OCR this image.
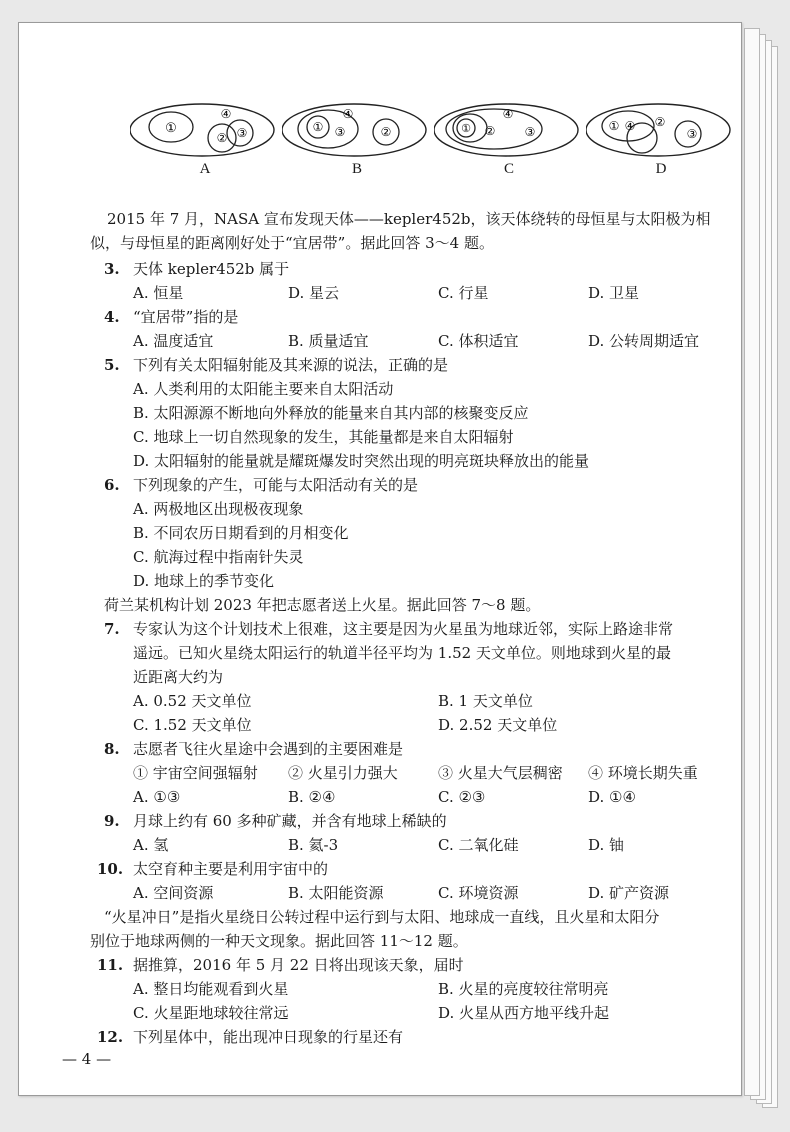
①
④
② ③
A
①
④
③	②
B
①
④
② ③
C
① ④ ②
③
D
2015 年 7 月，NASA 宣布发现天体——kepler452b，该天体绕转的母恒星与太阳极为相
似，与母恒星的距离刚好处于“宜居带”。据此回答 3～4 题。
3. 天体 kepler452b 属于
A. 恒星	D. 星云	C. 行星	D. 卫星
4. “宜居带”指的是
A. 温度适宜	B. 质量适宜	C. 体积适宜	D. 公转周期适宜
5. 下列有关太阳辐射能及其来源的说法，正确的是
A. 人类利用的太阳能主要来自太阳活动
B. 太阳源源不断地向外释放的能量来自其内部的核聚变反应
C. 地球上一切自然现象的发生，其能量都是来自太阳辐射
D. 太阳辐射的能量就是耀斑爆发时突然出现的明亮斑块释放出的能量
6. 下列现象的产生，可能与太阳活动有关的是
A. 两极地区出现极夜现象
B. 不同农历日期看到的月相变化
C. 航海过程中指南针失灵
D. 地球上的季节变化
荷兰某机构计划 2023 年把志愿者送上火星。据此回答 7～8 题。
7. 专家认为这个计划技术上很难，这主要是因为火星虽为地球近邻，实际上路途非常
遥远。已知火星绕太阳运行的轨道半径平均为 1.52 天文单位。则地球到火星的最
近距离大约为
A. 0.52 天文单位	B. 1 天文单位
C. 1.52 天文单位	D. 2.52 天文单位
8. 志愿者飞往火星途中会遇到的主要困难是
① 宇宙空间强辐射 ② 火星引力强大	③ 火星大气层稠密 ④ 环境长期失重
A. ①③	B. ②④	C. ②③	D. ①④
9. 月球上约有 60 多种矿藏，并含有地球上稀缺的
A. 氢	B. 氦-3	C. 二氧化硅	D. 铀
10. 太空育种主要是利用宇宙中的
A. 空间资源	B. 太阳能资源	C. 环境资源	D. 矿产资源
“火星冲日”是指火星绕日公转过程中运行到与太阳、地球成一直线，且火星和太阳分
别位于地球两侧的一种天文现象。据此回答 11～12 题。
11. 据推算，2016 年 5 月 22 日将出现该天象，届时
A. 整日均能观看到火星	B. 火星的亮度较往常明亮
C. 火星距地球较往常远	D. 火星从西方地平线升起
12. 下列星体中，能出现冲日现象的行星还有
— 4 —
